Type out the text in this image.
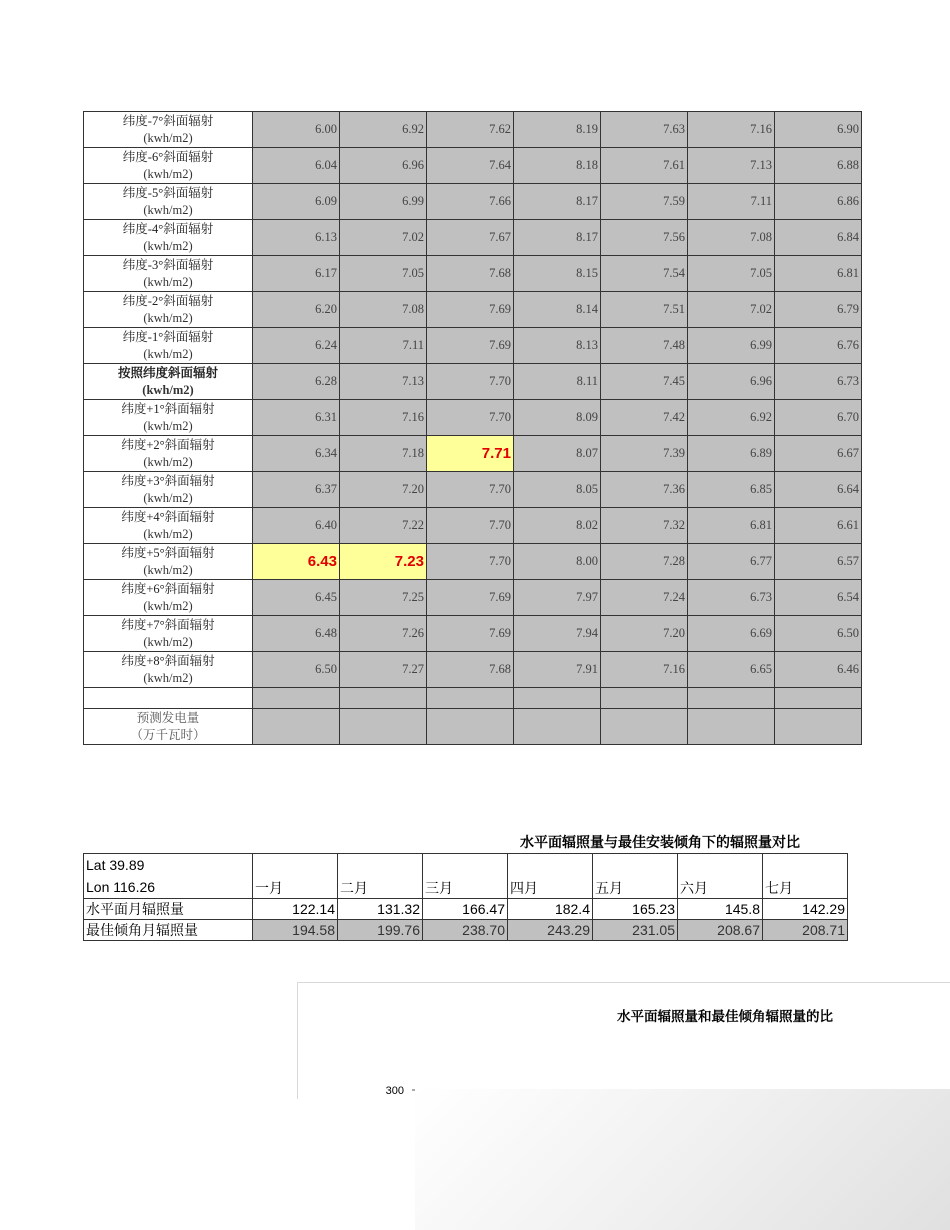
纬度-7°斜面辐射
(kwh/m2)	6.00	6.92	7.62	8.19	7.63	7.16	6.90

纬度-6°斜面辐射
(kwh/m2)	6.04	6.96	7.64	8.18	7.61	7.13	6.88

纬度-5°斜面辐射
(kwh/m2)	6.09	6.99	7.66	8.17	7.59	7.11	6.86

纬度-4°斜面辐射
(kwh/m2)	6.13	7.02	7.67	8.17	7.56	7.08	6.84

纬度-3°斜面辐射
(kwh/m2)	6.17	7.05	7.68	8.15	7.54	7.05	6.81

纬度-2°斜面辐射
(kwh/m2)	6.20	7.08	7.69	8.14	7.51	7.02	6.79

纬度-1°斜面辐射
(kwh/m2)	6.24	7.11	7.69	8.13	7.48	6.99	6.76

按照纬度斜面辐射
(kwh/m2)	6.28	7.13	7.70	8.11	7.45	6.96	6.73

纬度+1°斜面辐射
(kwh/m2)	6.31	7.16	7.70	8.09	7.42	6.92	6.70

纬度+2°斜面辐射
(kwh/m2)	6.34	7.18	7.71	8.07	7.39	6.89	6.67

纬度+3°斜面辐射
(kwh/m2)	6.37	7.20	7.70	8.05	7.36	6.85	6.64

纬度+4°斜面辐射
(kwh/m2)	6.40	7.22	7.70	8.02	7.32	6.81	6.61

纬度+5°斜面辐射
(kwh/m2)	6.43	7.23	7.70	8.00	7.28	6.77	6.57

纬度+6°斜面辐射
(kwh/m2)	6.45	7.25	7.69	7.97	7.24	6.73	6.54

纬度+7°斜面辐射
(kwh/m2)	6.48	7.26	7.69	7.94	7.20	6.69	6.50

纬度+8°斜面辐射
(kwh/m2)	6.50	7.27	7.68	7.91	7.16	6.65	6.46

预测发电量
（万千瓦时）							

水平面辐照量与最佳安装倾角下的辐照量对比
Lat 39.89
Lon 116.26	一月	二月	三月	四月	五月	六月	七月
水平面月辐照量	122.14	131.32	166.47	182.4	165.23	145.8	142.29
最佳倾角月辐照量	194.58	199.76	238.70	243.29	231.05	208.67	208.71
水平面辐照量和最佳倾角辐照量的比
300
